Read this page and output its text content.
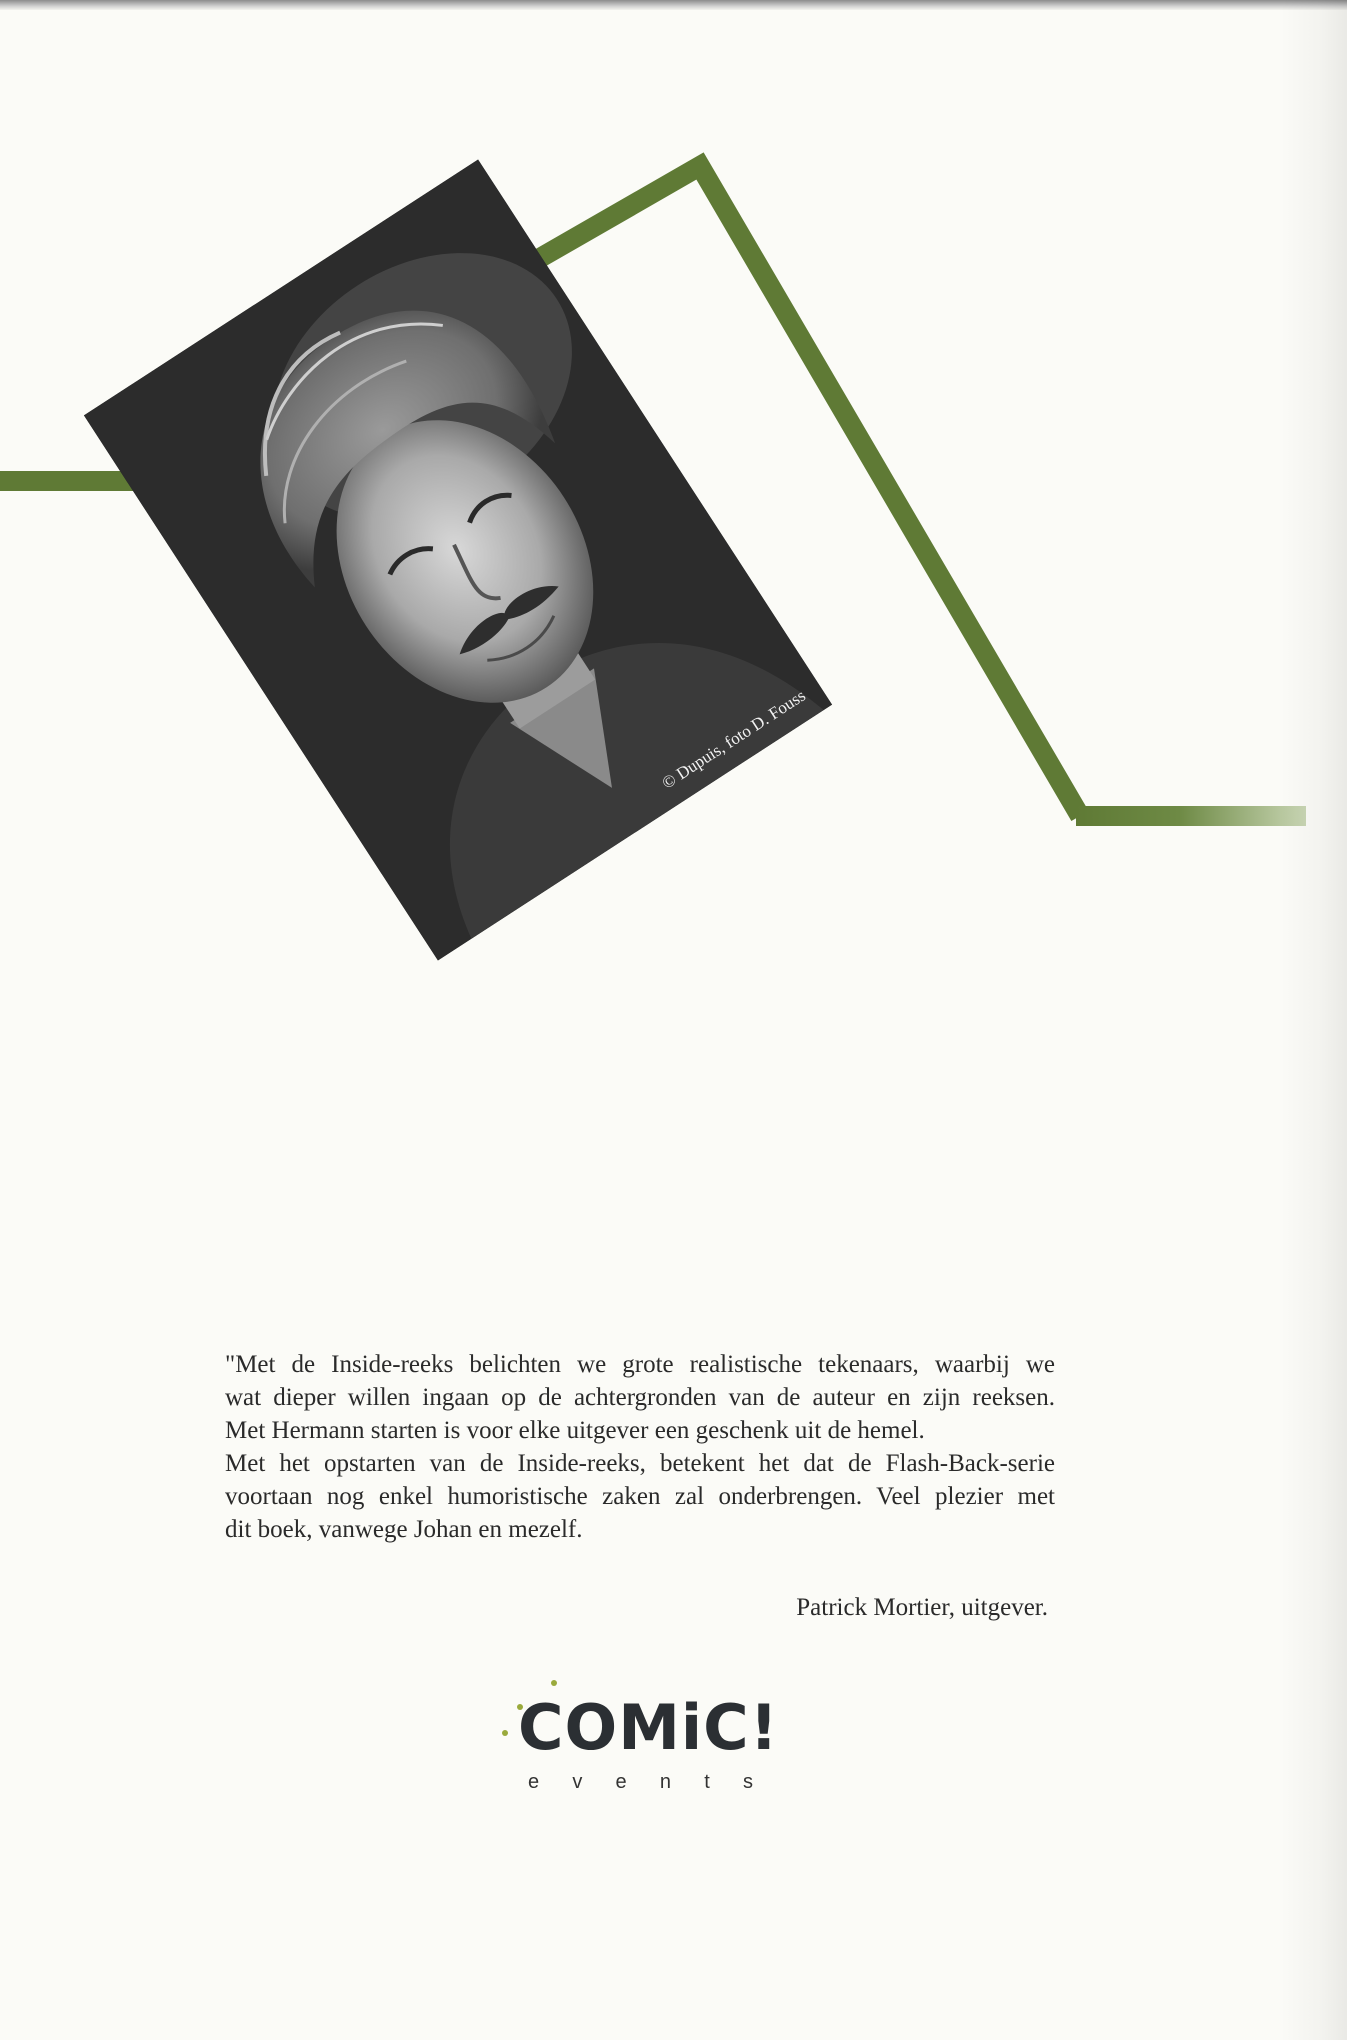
© Dupuis, foto D. Fouss
"Met de Inside-reeks belichten we grote realistische tekenaars, waarbij we
wat dieper willen ingaan op de achtergronden van de auteur en zijn reeksen.
Met Hermann starten is voor elke uitgever een geschenk uit de hemel.
Met het opstarten van de Inside-reeks, betekent het dat de Flash-Back-serie
voortaan nog enkel humoristische zaken zal onderbrengen. Veel plezier met
dit boek, vanwege Johan en mezelf.
Patrick Mortier, uitgever.
COMiC!
e v e n t s
